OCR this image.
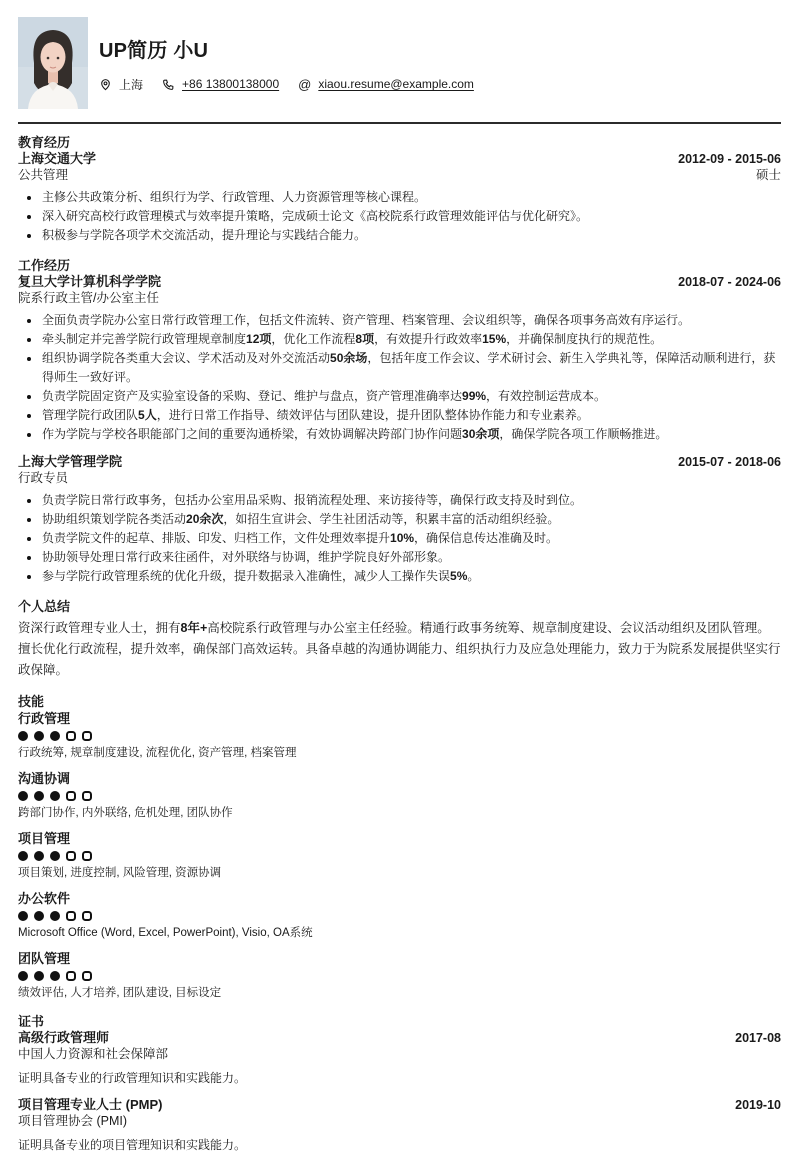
UP简历 小U
上海	+86 13800138000 @ xiaou.resume@example.com
教育经历
上海交通大学	2012-09 - 2015-06
公共管理	硕士
主修公共政策分析、组织行为学、行政管理、人力资源管理等核心课程。
深入研究高校行政管理模式与效率提升策略，完成硕士论文《高校院系行政管理效能评估与优化研究》。
积极参与学院各项学术交流活动，提升理论与实践结合能力。
工作经历
复旦大学计算机科学学院	2018-07 - 2024-06
院系行政主管/办公室主任
全面负责学院办公室日常行政管理工作，包括文件流转、资产管理、档案管理、会议组织等，确保各项事务高效有序运行。
牵头制定并完善学院行政管理规章制度12项，优化工作流程8项，有效提升行政效率15%，并确保制度执行的规范性。
组织协调学院各类重大会议、学术活动及对外交流活动50余场，包括年度工作会议、学术研讨会、新生入学典礼等，保障活动顺利进行，获得师生一致好评。
负责学院固定资产及实验室设备的采购、登记、维护与盘点，资产管理准确率达99%，有效控制运营成本。
管理学院行政团队5人，进行日常工作指导、绩效评估与团队建设，提升团队整体协作能力和专业素养。
作为学院与学校各职能部门之间的重要沟通桥梁，有效协调解决跨部门协作问题30余项，确保学院各项工作顺畅推进。
上海大学管理学院	2015-07 - 2018-06
行政专员
负责学院日常行政事务，包括办公室用品采购、报销流程处理、来访接待等，确保行政支持及时到位。
协助组织策划学院各类活动20余次，如招生宣讲会、学生社团活动等，积累丰富的活动组织经验。
负责学院文件的起草、排版、印发、归档工作，文件处理效率提升10%，确保信息传达准确及时。
协助领导处理日常行政来往函件，对外联络与协调，维护学院良好外部形象。
参与学院行政管理系统的优化升级，提升数据录入准确性，减少人工操作失误5%。
个人总结
资深行政管理专业人士，拥有8年+高校院系行政管理与办公室主任经验。精通行政事务统筹、规章制度建设、会议活动组织及团队管理。擅长优化行政流程，提升效率，确保部门高效运转。具备卓越的沟通协调能力、组织执行力及应急处理能力，致力于为院系发展提供坚实行政保障。
技能
行政管理
行政统筹, 规章制度建设, 流程优化, 资产管理, 档案管理
沟通协调
跨部门协作, 内外联络, 危机处理, 团队协作
项目管理
项目策划, 进度控制, 风险管理, 资源协调
办公软件
Microsoft Office (Word, Excel, PowerPoint), Visio, OA系统
团队管理
绩效评估, 人才培养, 团队建设, 目标设定
证书
高级行政管理师	2017-08
中国人力资源和社会保障部
证明具备专业的行政管理知识和实践能力。
项目管理专业人士 (PMP)	2019-10
项目管理协会 (PMI)
证明具备专业的项目管理知识和实践能力。
